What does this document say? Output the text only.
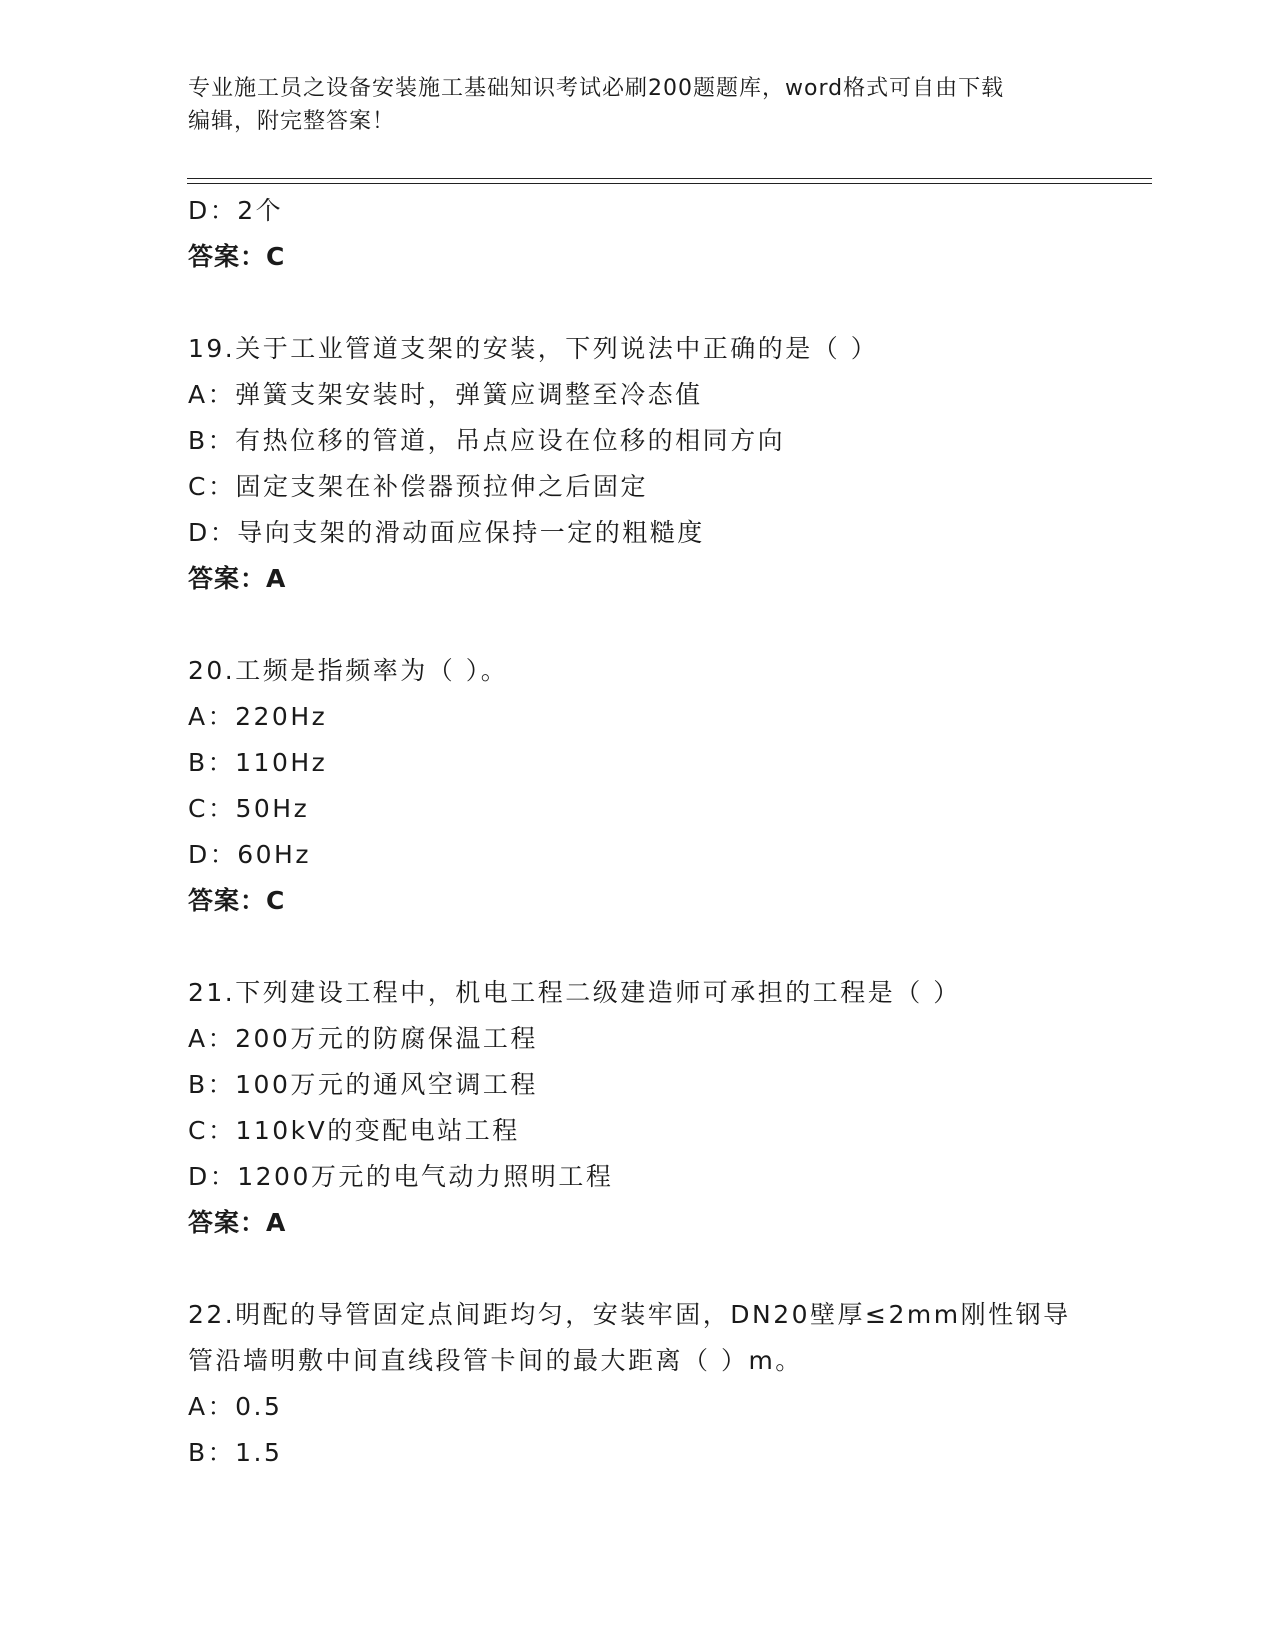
专业施工员之设备安装施工基础知识考试必刷200题题库，word格式可自由下载
编辑，附完整答案！
D：2个
答案：C
19.关于工业管道支架的安装，下列说法中正确的是（ ）
A：弹簧支架安装时，弹簧应调整至冷态值
B：有热位移的管道，吊点应设在位移的相同方向
C：固定支架在补偿器预拉伸之后固定
D：导向支架的滑动面应保持一定的粗糙度
答案：A
20.工频是指频率为（ ）。
A：220Hz
B：110Hz
C：50Hz
D：60Hz
答案：C
21.下列建设工程中，机电工程二级建造师可承担的工程是（ ）
A：200万元的防腐保温工程
B：100万元的通风空调工程
C：110kV的变配电站工程
D：1200万元的电气动力照明工程
答案：A
22.明配的导管固定点间距均匀，安装牢固，DN20壁厚≤2mm刚性钢导
管沿墙明敷中间直线段管卡间的最大距离（ ）m。
A：0.5
B：1.5
